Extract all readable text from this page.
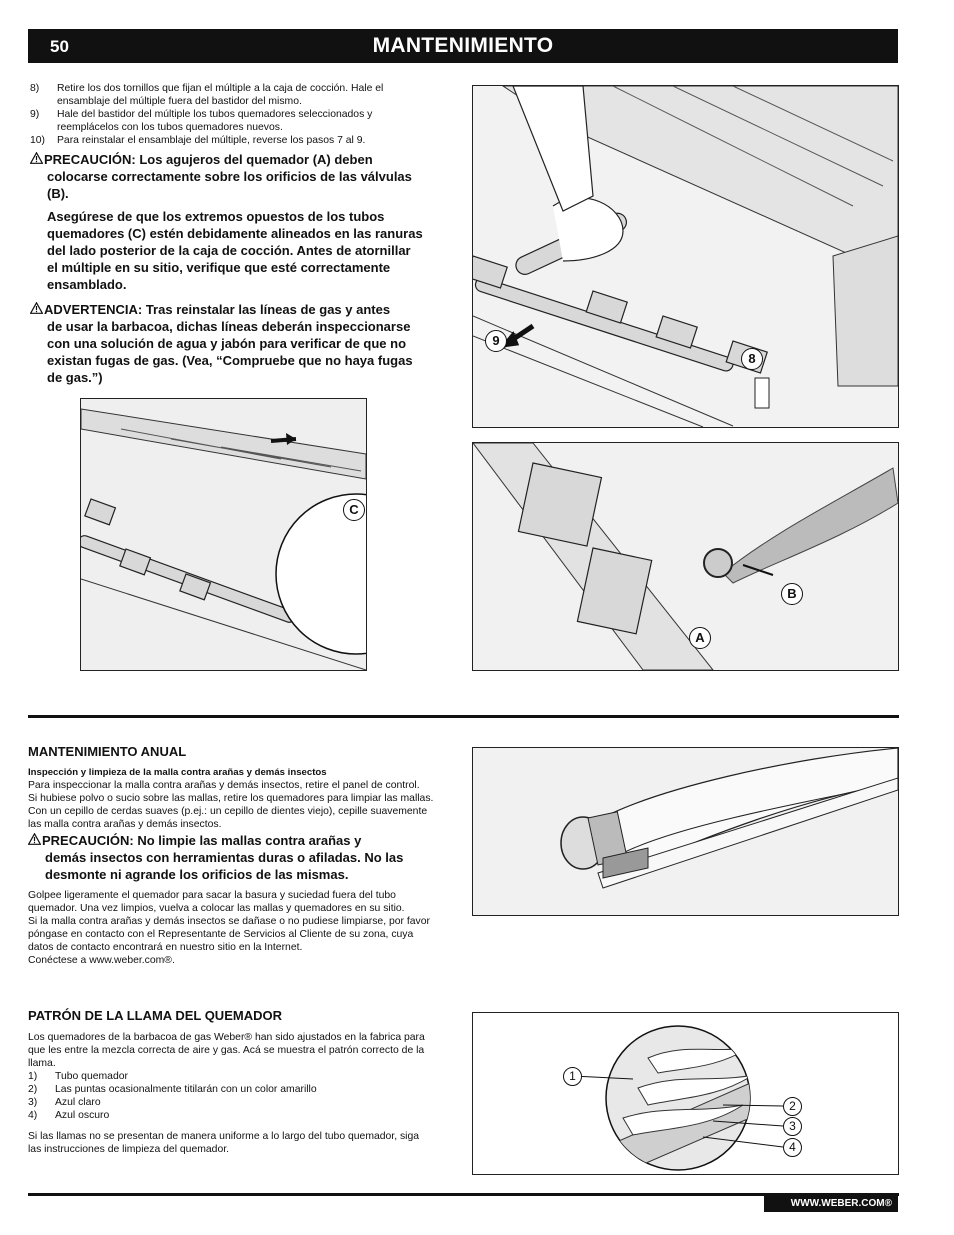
50	MANTENIMIENTO
8)	Retire los dos tornillos que fijan el múltiple a la caja de cocción. Hale el
ensamblaje del múltiple fuera del bastidor del mismo.
9)	Hale del bastidor del múltiple los tubos quemadores seleccionados y
reemplácelos con los tubos quemadores nuevos.
10)	Para reinstalar el ensamblaje del múltiple, reverse los pasos 7 al 9.
PRECAUCIÓN: Los agujeros del quemador (A) deben
colocarse correctamente sobre los orificios de las válvulas
(B).
Asegúrese de que los extremos opuestos de los tubos
quemadores (C) estén debidamente alineados en las ranuras
del lado posterior de la caja de cocción. Antes de atornillar
el múltiple en su sitio, verifique que esté correctamente
ensamblado.
ADVERTENCIA: Tras reinstalar las líneas de gas y antes
de usar la barbacoa, dichas líneas deberán inspeccionarse
con una solución de agua y jabón para verificar de que no
existan fugas de gas. (Vea, “Compruebe que no haya fugas
de gas.”)
9
8
C
B
A
MANTENIMIENTO ANUAL
Inspección y limpieza de la malla contra arañas y demás insectos
Para inspeccionar la malla contra arañas y demás insectos, retire el panel de control.
Si hubiese polvo o sucio sobre las mallas, retire los quemadores para limpiar las mallas.
Con un cepillo de cerdas suaves (p.ej.: un cepillo de dientes viejo), cepille suavemente
las malla contra arañas y demás insectos.
PRECAUCIÓN: No limpie las mallas contra arañas y
demás insectos con herramientas duras o afiladas. No las
desmonte ni agrande los orificios de las mismas.
Golpee ligeramente el quemador para sacar la basura y suciedad fuera del tubo
quemador. Una vez limpios, vuelva a colocar las mallas y quemadores en su sitio.
Si la malla contra arañas y demás insectos se dañase o no pudiese limpiarse, por favor
póngase en contacto con el Representante de Servicios al Cliente de su zona, cuya
datos de contacto encontrará en nuestro sitio en la Internet.
Conéctese a www.weber.com®.
PATRÓN DE LA LLAMA DEL QUEMADOR
Los quemadores de la barbacoa de gas Weber® han sido ajustados en la fabrica para
que les entre la mezcla correcta de aire y gas. Acá se muestra el patrón correcto de la
llama.
1)	Tubo quemador
2)	Las puntas ocasionalmente titilarán con un color amarillo
3)	Azul claro
4)	Azul oscuro
Si las llamas no se presentan de manera uniforme a lo largo del tubo quemador, siga
las instrucciones de limpieza del quemador.
1
2
3
4
WWW.WEBER.COM®
